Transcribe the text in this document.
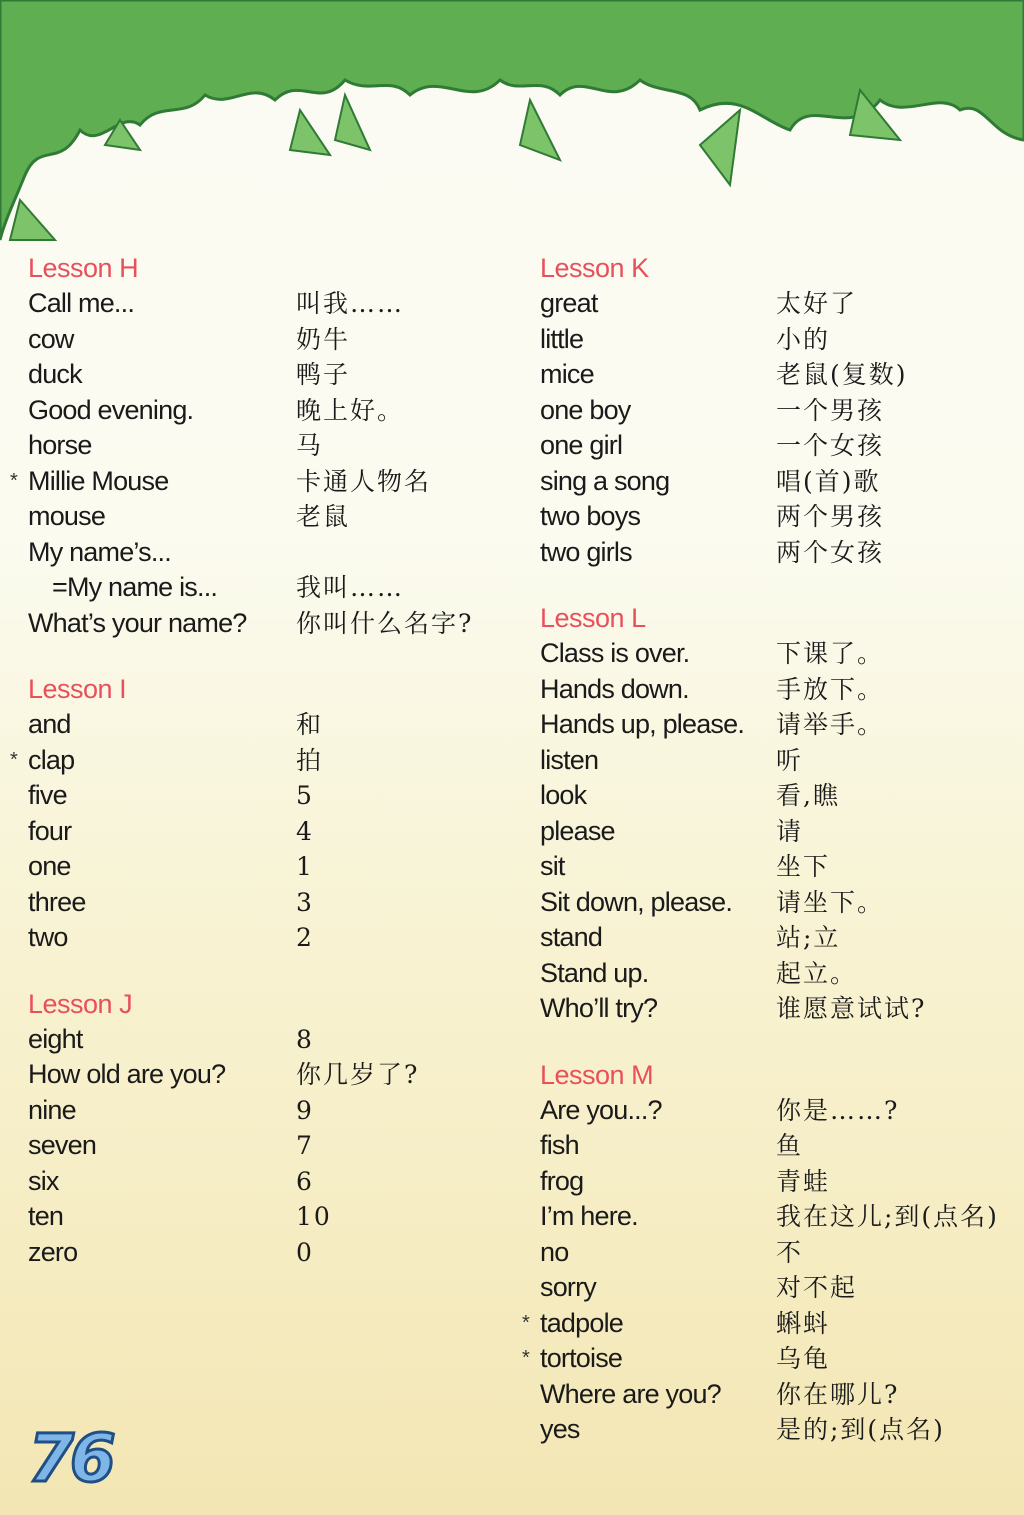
Lesson H
Call me...	叫我……
cow	奶牛
duck	鸭子
Good evening.	晚上好。
horse	马
* Millie Mouse	卡通人物名
mouse	老鼠
My name’s...
=My name is...	我叫……
What’s your name? 你叫什么名字?
Lesson I
and	和
* clap	拍
five	5
four	4
one	1
three	3
two	2
Lesson J
eight	8
How old are you?	你几岁了?
nine	9
seven	7
six	6
ten	10
zero	0
Lesson K
great	太好了
little	小的
mice	老鼠(复数)
one boy	一个男孩
one girl	一个女孩
sing a song	唱(首)歌
two boys	两个男孩
two girls	两个女孩
Lesson L
Class is over.	下课了。
Hands down.	手放下。
Hands up, please. 请举手。
listen	听
look	看,瞧
please	请
sit	坐下
Sit down, please. 请坐下。
stand	站;立
Stand up.	起立。
Who’ll try?	谁愿意试试?
Lesson M
Are you...?	你是……?
fish	鱼
frog	青蛙
I’m here.	我在这儿;到(点名)
no	不
sorry	对不起
* tadpole	蝌蚪
* tortoise	乌龟
Where are you? 你在哪儿?
yes	是的;到(点名)
76
